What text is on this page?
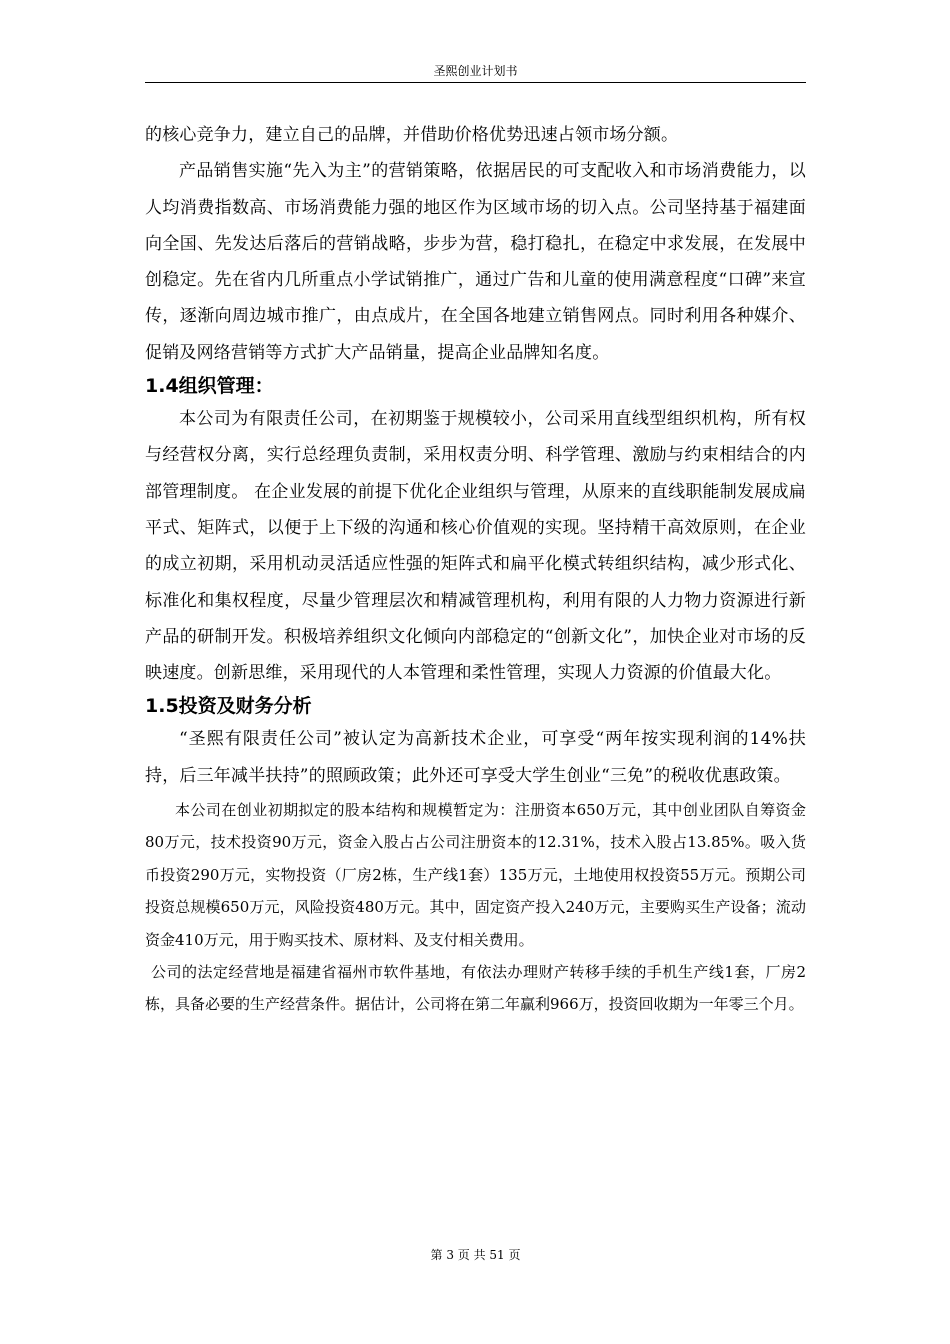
圣熙创业计划书

的核心竞争力，建立自己的品牌，并借助价格优势迅速占领市场分额。

产品销售实施“先入为主”的营销策略，依据居民的可支配收入和市场消费能力，以人均消费指数高、市场消费能力强的地区作为区域市场的切入点。公司坚持基于福建面向全国、先发达后落后的营销战略，步步为营，稳打稳扎，在稳定中求发展，在发展中创稳定。先在省内几所重点小学试销推广，通过广告和儿童的使用满意程度“口碑”来宣传，逐渐向周边城市推广，由点成片，在全国各地建立销售网点。同时利用各种媒介、促销及网络营销等方式扩大产品销量，提高企业品牌知名度。

1.4组织管理：

本公司为有限责任公司，在初期鉴于规模较小，公司采用直线型组织机构，所有权与经营权分离，实行总经理负责制，采用权责分明、科学管理、激励与约束相结合的内部管理制度。 在企业发展的前提下优化企业组织与管理，从原来的直线职能制发展成扁平式、矩阵式，以便于上下级的沟通和核心价值观的实现。坚持精干高效原则，在企业的成立初期，采用机动灵活适应性强的矩阵式和扁平化模式转组织结构，减少形式化、标准化和集权程度，尽量少管理层次和精减管理机构，利用有限的人力物力资源进行新产品的研制开发。积极培养组织文化倾向内部稳定的“创新文化”，加快企业对市场的反映速度。创新思维，采用现代的人本管理和柔性管理，实现人力资源的价值最大化。

1.5投资及财务分析

“圣熙有限责任公司”被认定为高新技术企业，可享受“两年按实现利润的14%扶持，后三年减半扶持”的照顾政策；此外还可享受大学生创业“三免”的税收优惠政策。

本公司在创业初期拟定的股本结构和规模暂定为：注册资本650万元，其中创业团队自筹资金80万元，技术投资90万元，资金入股占占公司注册资本的12.31%，技术入股占13.85%。吸入货币投资290万元，实物投资（厂房2栋，生产线1套）135万元，土地使用权投资55万元。预期公司投资总规模650万元，风险投资480万元。其中，固定资产投入240万元，主要购买生产设备；流动资金410万元，用于购买技术、原材料、及支付相关费用。

公司的法定经营地是福建省福州市软件基地，有依法办理财产转移手续的手机生产线1套，厂房2栋，具备必要的生产经营条件。据估计，公司将在第二年赢利966万，投资回收期为一年零三个月。

第 3 页 共 51 页
